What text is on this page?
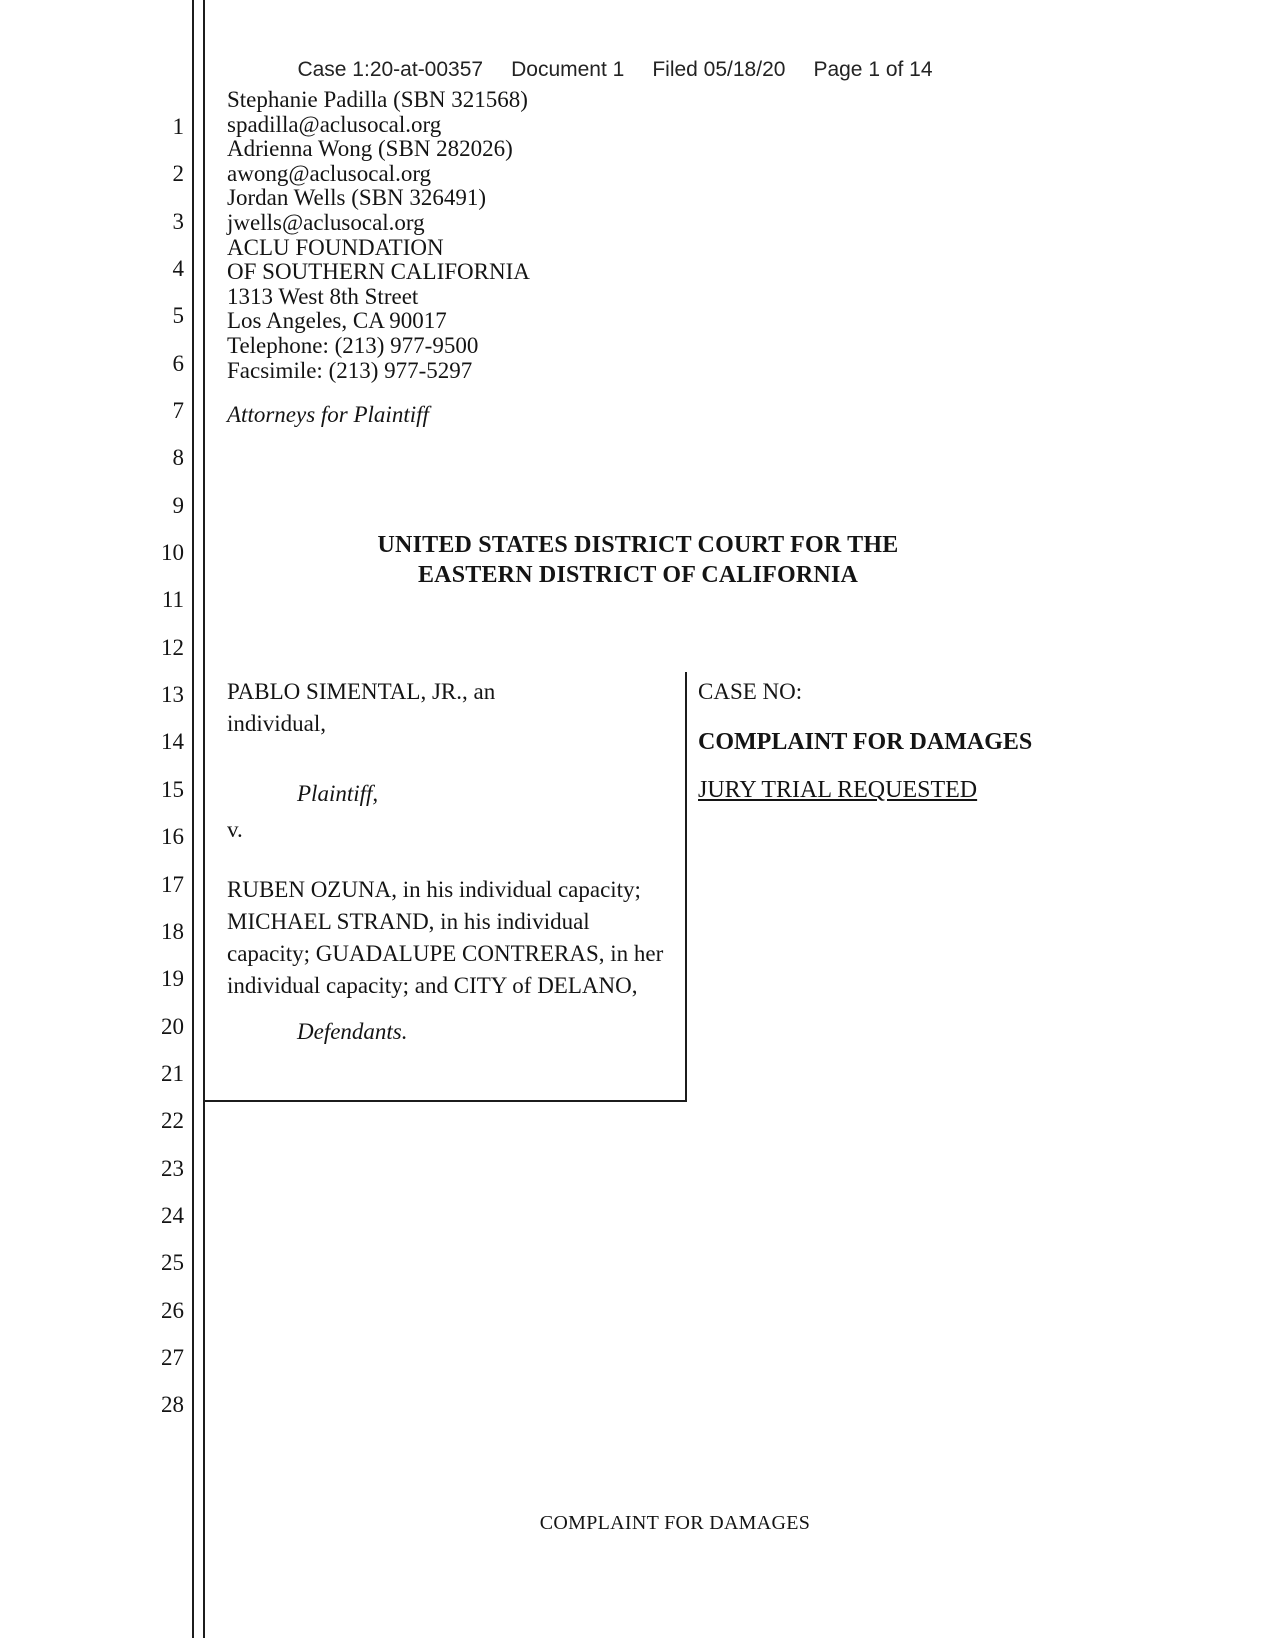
1
2
3
4
5
6
7
8
9
10
11
12
13
14
15
16
17
18
19
20
21
22
23
24
25
26
27
28
Case 1:20-at-00357 Document 1 Filed 05/18/20 Page 1 of 14
Stephanie Padilla (SBN 321568)
spadilla@aclusocal.org
Adrienna Wong (SBN 282026)
awong@aclusocal.org
Jordan Wells (SBN 326491)
jwells@aclusocal.org
ACLU FOUNDATION
OF SOUTHERN CALIFORNIA
1313 West 8th Street
Los Angeles, CA 90017
Telephone: (213) 977-9500
Facsimile: (213) 977-5297
Attorneys for Plaintiff
UNITED STATES DISTRICT COURT FOR THE
EASTERN DISTRICT OF CALIFORNIA
PABLO SIMENTAL, JR., an individual,
Plaintiff,
v.
RUBEN OZUNA, in his individual capacity; MICHAEL STRAND, in his individual capacity; GUADALUPE CONTRERAS, in her individual capacity; and CITY of DELANO,
Defendants.
CASE NO:
COMPLAINT FOR DAMAGES
JURY TRIAL REQUESTED
COMPLAINT FOR DAMAGES
